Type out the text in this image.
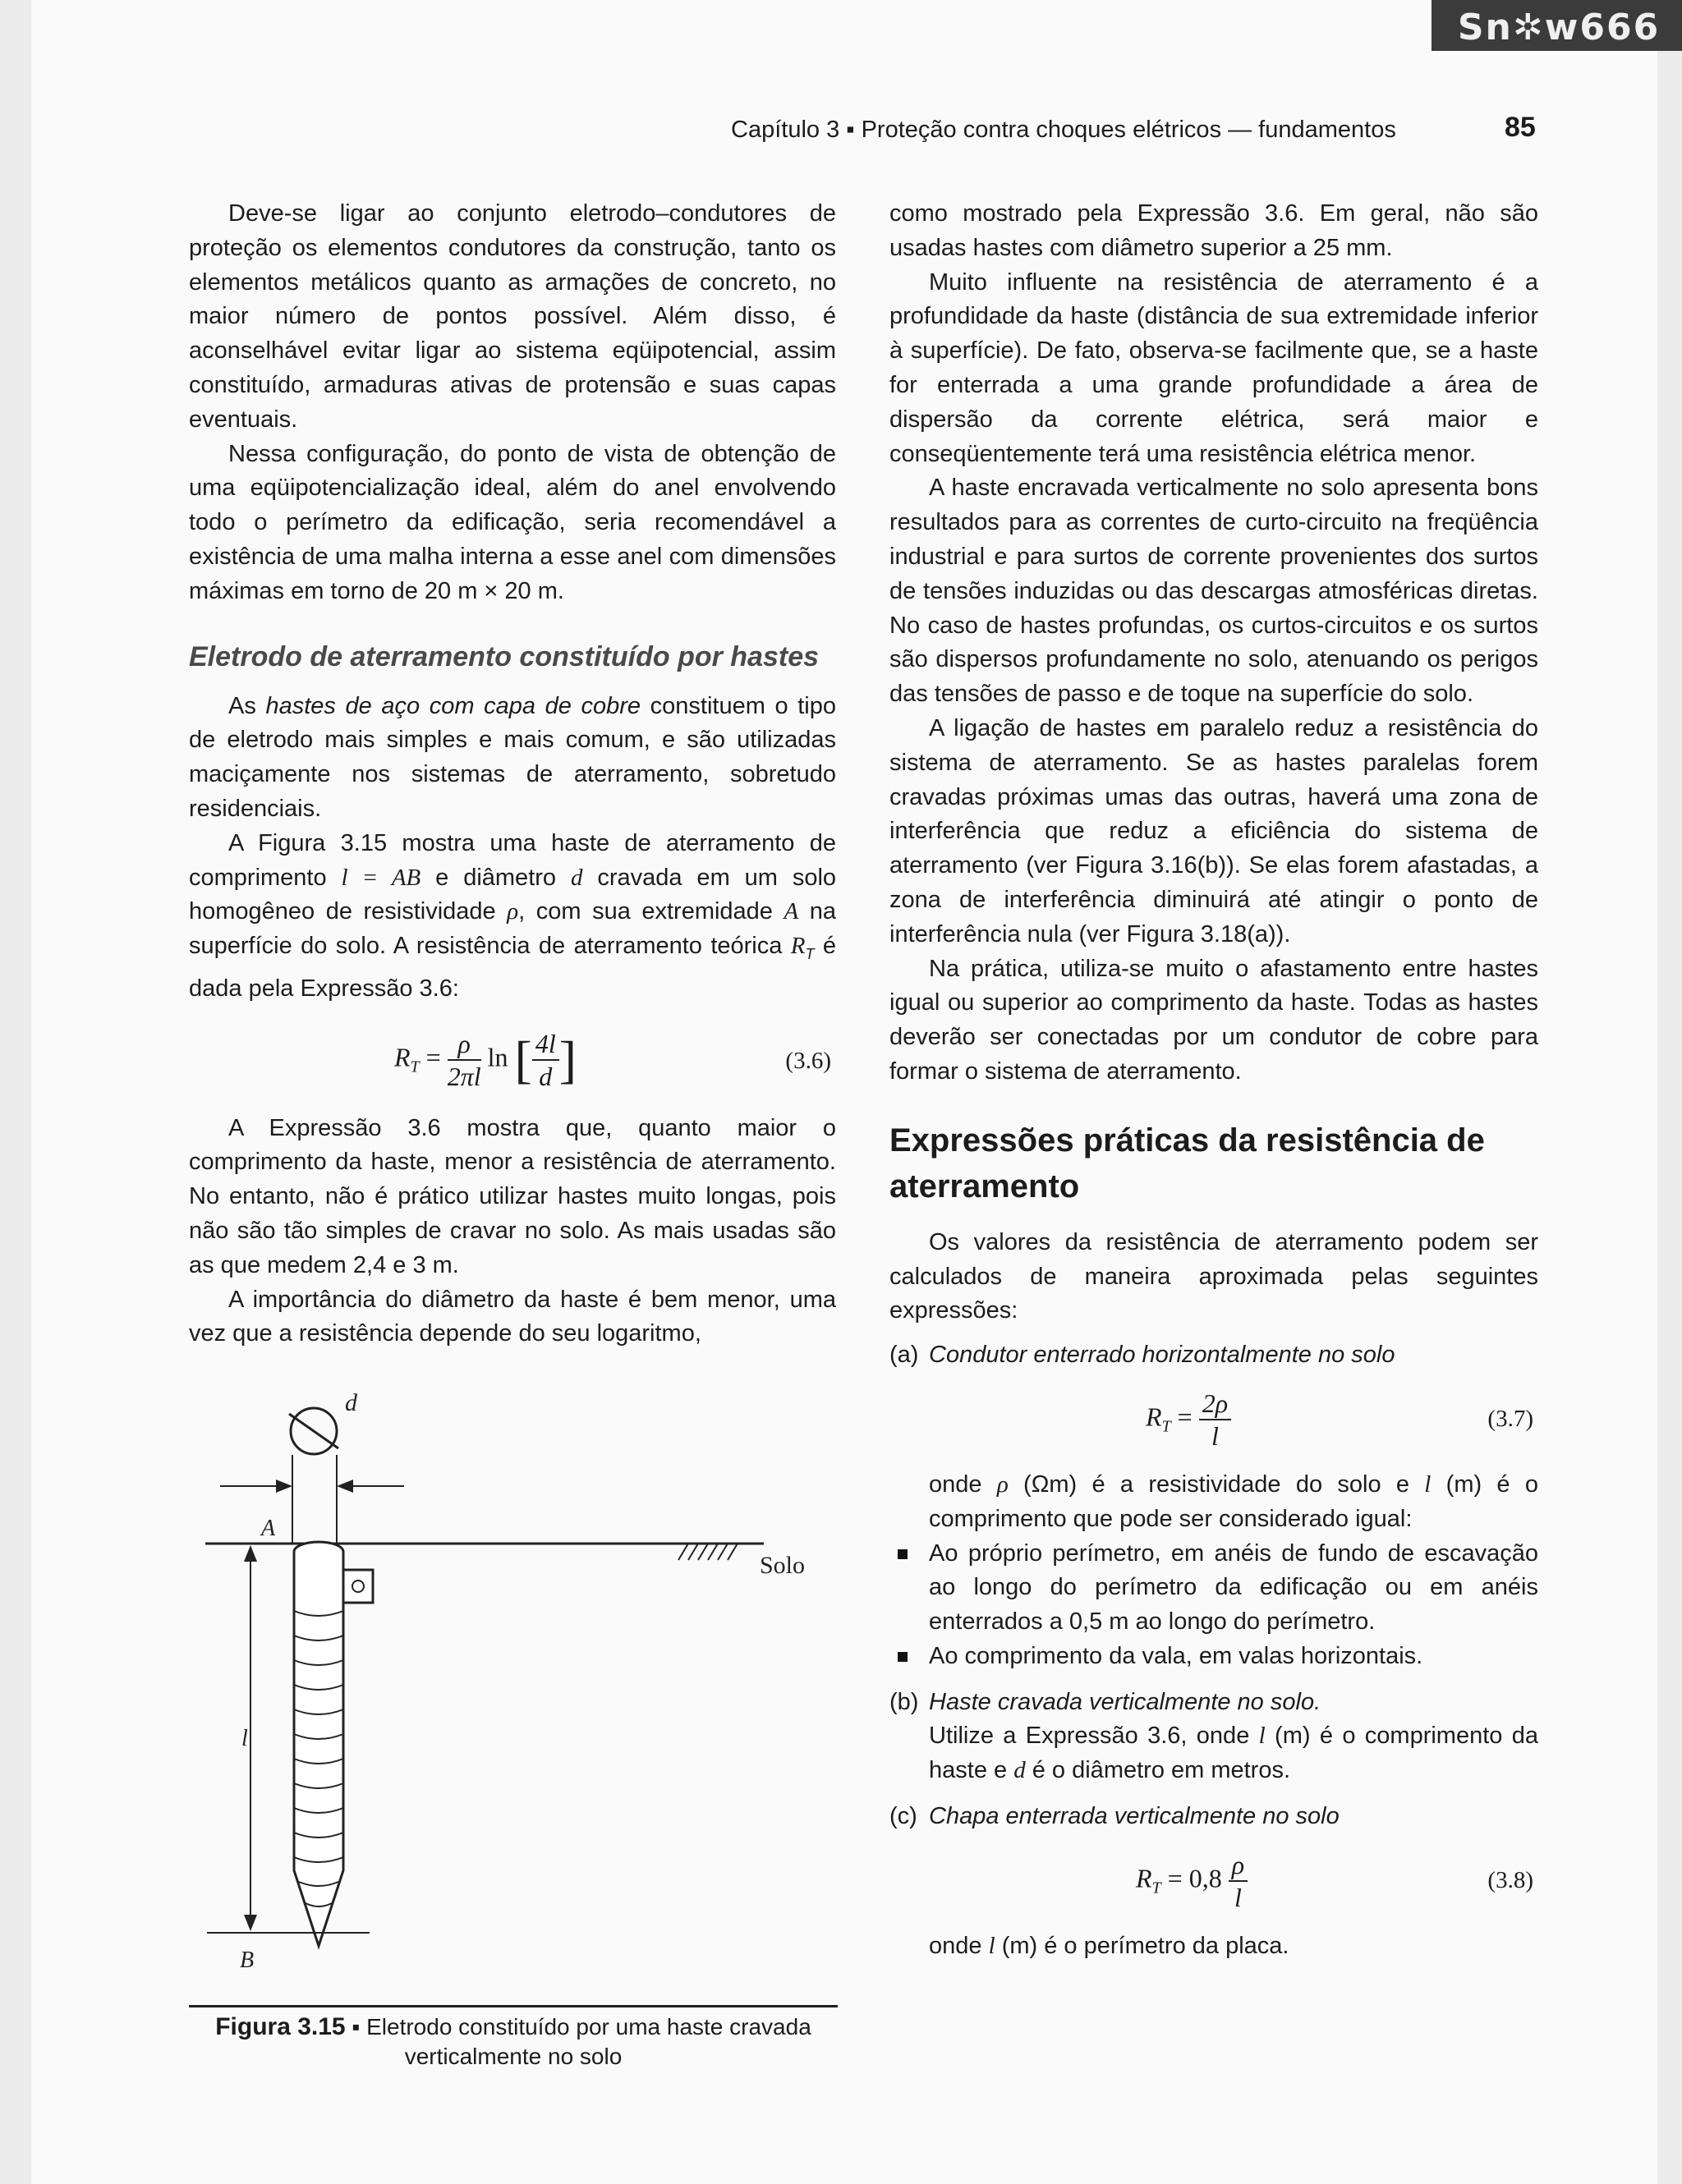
Sn✲w666
Capítulo 3 ▪ Proteção contra choques elétricos — fundamentos	85

Deve-se ligar ao conjunto eletrodo–condutores de proteção os elementos condutores da construção, tanto os elementos metálicos quanto as armações de concreto, no maior número de pontos possível. Além disso, é aconselhável evitar ligar ao sistema eqüipotencial, assim constituído, armaduras ativas de protensão e suas capas eventuais.

Nessa configuração, do ponto de vista de obtenção de uma eqüipotencialização ideal, além do anel envolvendo todo o perímetro da edificação, seria recomendável a existência de uma malha interna a esse anel com dimensões máximas em torno de 20 m × 20 m.

Eletrodo de aterramento constituído por hastes

As hastes de aço com capa de cobre constituem o tipo de eletrodo mais simples e mais comum, e são utilizadas maciçamente nos sistemas de aterramento, sobretudo residenciais.

A Figura 3.15 mostra uma haste de aterramento de comprimento l = AB e diâmetro d cravada em um solo homogêneo de resistividade ρ, com sua extremidade A na superfície do solo. A resistência de aterramento teórica $R_T$ é dada pela Expressão 3.6:

$R_T = \frac{\rho}{2\pi l}$ ln [ $\frac{4l}{d}$ ]	(3.6)

A Expressão 3.6 mostra que, quanto maior o comprimento da haste, menor a resistência de aterramento. No entanto, não é prático utilizar hastes muito longas, pois não são tão simples de cravar no solo. As mais usadas são as que medem 2,4 e 3 m.

A importância do diâmetro da haste é bem menor, uma vez que a resistência depende do seu logaritmo,

d
Solo
A
l
B
Figura 3.15 ▪ Eletrodo constituído por uma haste cravada verticalmente no solo

como mostrado pela Expressão 3.6. Em geral, não são usadas hastes com diâmetro superior a 25 mm.

Muito influente na resistência de aterramento é a profundidade da haste (distância de sua extremidade inferior à superfície). De fato, observa-se facilmente que, se a haste for enterrada a uma grande profundidade a área de dispersão da corrente elétrica, será maior e conseqüentemente terá uma resistência elétrica menor.

A haste encravada verticalmente no solo apresenta bons resultados para as correntes de curto-circuito na freqüência industrial e para surtos de corrente provenientes dos surtos de tensões induzidas ou das descargas atmosféricas diretas. No caso de hastes profundas, os curtos-circuitos e os surtos são dispersos profundamente no solo, atenuando os perigos das tensões de passo e de toque na superfície do solo.

A ligação de hastes em paralelo reduz a resistência do sistema de aterramento. Se as hastes paralelas forem cravadas próximas umas das outras, haverá uma zona de interferência que reduz a eficiência do sistema de aterramento (ver Figura 3.16(b)). Se elas forem afastadas, a zona de interferência diminuirá até atingir o ponto de interferência nula (ver Figura 3.18(a)).

Na prática, utiliza-se muito o afastamento entre hastes igual ou superior ao comprimento da haste. Todas as hastes deverão ser conectadas por um condutor de cobre para formar o sistema de aterramento.

Expressões práticas da resistência de aterramento

Os valores da resistência de aterramento podem ser calculados de maneira aproximada pelas seguintes expressões:

(a) Condutor enterrado horizontalmente no solo
$R_T = \frac{2\rho}{l}$	(3.7)
onde ρ (Ωm) é a resistividade do solo e l (m) é o comprimento que pode ser considerado igual:
Ao próprio perímetro, em anéis de fundo de escavação ao longo do perímetro da edificação ou em anéis enterrados a 0,5 m ao longo do perímetro.
Ao comprimento da vala, em valas horizontais.
(b) Haste cravada verticalmente no solo.
Utilize a Expressão 3.6, onde l (m) é o comprimento da haste e d é o diâmetro em metros.
(c) Chapa enterrada verticalmente no solo
$R_T = 0,8 \frac{\rho}{l}$	(3.8)
onde l (m) é o perímetro da placa.
